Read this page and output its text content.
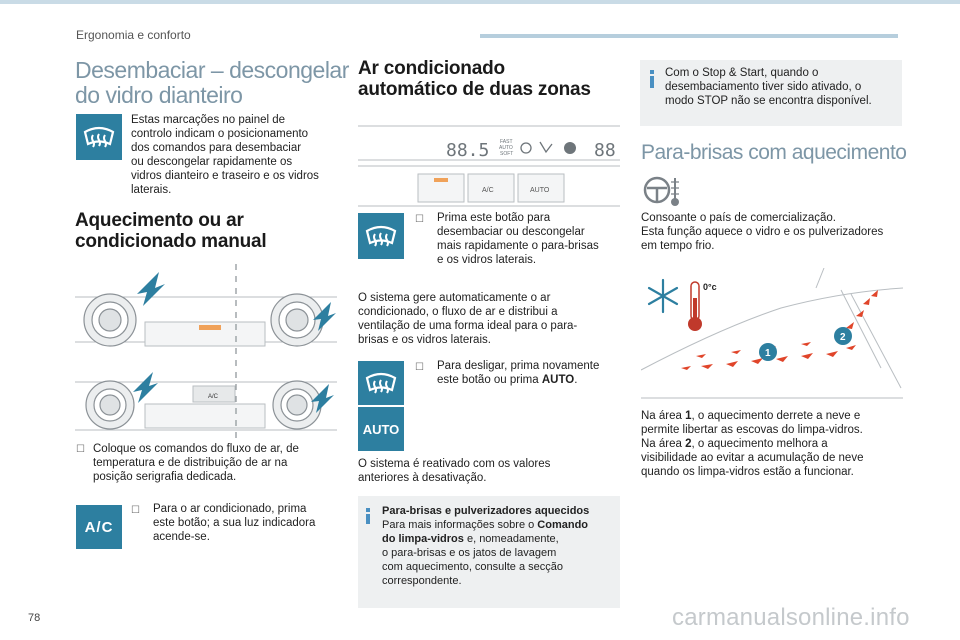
Ergonomia e conforto
Desembaciar – descongelar
do vidro dianteiro
Estas marcações no painel de
controlo indicam o posicionamento
dos comandos para desembaciar
ou descongelar rapidamente os
vidros dianteiro e traseiro e os vidros
laterais.
Aquecimento ou ar
condicionado manual
A/C
☐ Coloque os comandos do fluxo de ar, de
temperatura e de distribuição de ar na
posição serigrafia dedicada.
A/C
☐ Para o ar condicionado, prima
este botão; a sua luz indicadora
acende-se.
Ar condicionado
automático de duas zonas
88.5 FAST
AUTO
SOFT	88
A/C	AUTO
☐ Prima este botão para
desembaciar ou descongelar
mais rapidamente o para-brisas
e os vidros laterais.
O sistema gere automaticamente o ar
condicionado, o fluxo de ar e distribui a
ventilação de uma forma ideal para o para-
brisas e os vidros laterais.
AUTO
☐ Para desligar, prima novamente
este botão ou prima AUTO.
O sistema é reativado com os valores
anteriores à desativação.
Para-brisas e pulverizadores aquecidos
Para mais informações sobre o Comando
do limpa-vidros e, nomeadamente,
o para-brisas e os jatos de lavagem
com aquecimento, consulte a secção
correspondente.
Com o Stop & Start, quando o
desembaciamento tiver sido ativado, o
modo STOP não se encontra disponível.
Para-brisas com aquecimento
Consoante o país de comercialização.
Esta função aquece o vidro e os pulverizadores
em tempo frio.
0°c
1
2
Na área 1, o aquecimento derrete a neve e
permite libertar as escovas do limpa-vidros.
Na área 2, o aquecimento melhora a
visibilidade ao evitar a acumulação de neve
quando os limpa-vidros estão a funcionar.
78	carmanualsonline.info
